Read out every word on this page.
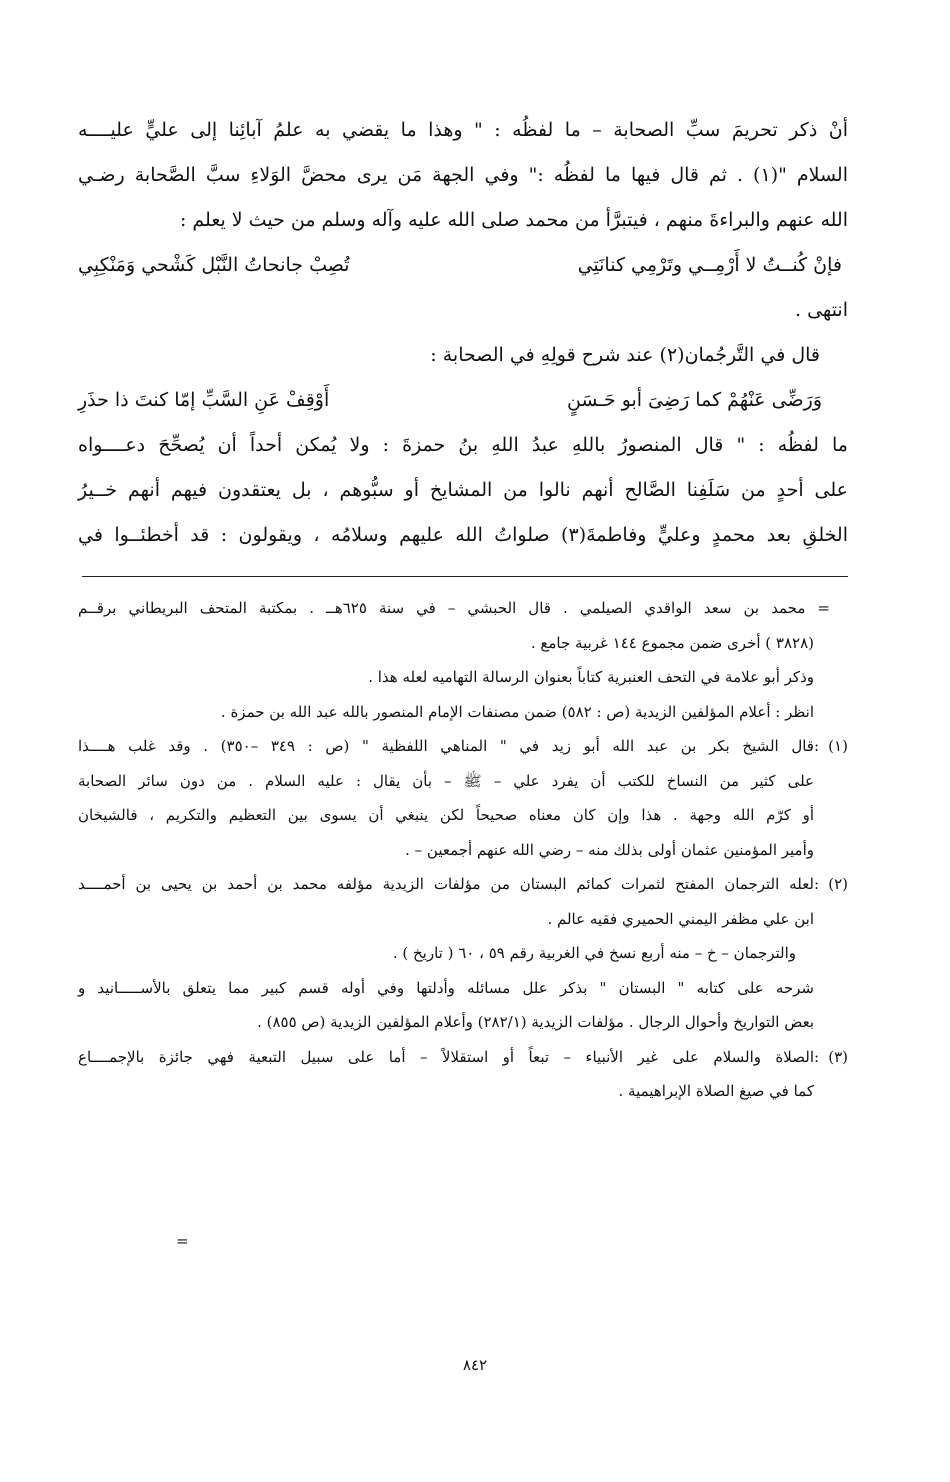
أنْ ذكر تحريمَ سبِّ الصحابة – ما لفظُه : " وهذا ما يقضي به علمُ آبائِنا إلى عليٍّ عليــــه

السلام "(١) . ثم قال فيها ما لفظُه :" وفي الجهة مَن يرى محضَّ الوَلاءِ سبَّ الصَّحابة رضـي

الله عنهم والبراءةَ منهم ، فيتبرَّأ من محمد صلى الله عليه وآله وسلم من حيث لا يعلم :

فإنْ كُنــتُ لا أَرْمِــي وتَرْمِي كنانَتِي
تُصِبْ جانحاتُ النَّبْل كَشْحي وَمَنْكِبِي

انتهى .

قال في التَّرجُمان(٢) عند شرح قولِهِ في الصحابة :

وَرَضِّى عَنْهُمْ كما رَضِىَ أبو حَـسَنٍ
أَوْقِفْ عَنِ السَّبِّ إمّا كنتَ ذا حذَرِ

ما لفظُه : " قال المنصورُ باللهِ عبدُ اللهِ بنُ حمزةَ : ولا يُمكن أحداً أن يُصحِّحَ دعــــواه

على أحدٍ من سَلَفِنا الصَّالح أنهم نالوا من المشايخ أو سبُّوهم ، بل يعتقدون فيهم أنهم خــيرُ

الخلقِ بعد محمدٍ وعليٍّ وفاطمةَ(٣) صلواتُ الله عليهم وسلامُه ، ويقولون : قد أخطئــوا في

= محمد بن سعد الواقدي الصيلمي . قال الحبشي – في سنة ٦٢٥هــ . بمكتبة المتحف البريطاني برقــم

(٣٨٢٨ ) أخرى ضمن مجموع ١٤٤ غربية جامع .

وذكر أبو علامة في التحف العنبرية كتاباً بعنوان الرسالة التهاميه لعله هذا .

انظر : أعلام المؤلفين الزيدية (ص : ٥٨٢) ضمن مصنفات الإمام المنصور بالله عبد الله بن حمزة .

(١) :قال الشيخ بكر بن عبد الله أبو زيد في " المناهي اللفظية " (ص : ٣٤٩ –٣٥٠) . وقد غلب هــــذا

على كثير من النساخ للكتب أن يفرد علي – ﷺ – بأن يقال : عليه السلام . من دون سائر الصحابة

أو كرّم الله وجهة . هذا وإن كان معناه صحيحاً لكن ينبغي أن يسوى بين التعظيم والتكريم ، فالشيخان

وأمير المؤمنين عثمان أولى بذلك منه – رضي الله عنهم أجمعين – .

(٢) :لعله الترجمان المفتح لثمرات كمائم البستان من مؤلفات الزيدية مؤلفه محمد بن أحمد بن يحيى بن أحمــــد

ابن علي مظفر اليمني الحميري فقيه عالم .

والترجمان – خ – منه أربع نسخ في الغربية رقم ٥٩ ، ٦٠ ( تاريخ ) .

شرحه على كتابه " البستان " بذكر علل مسائله وأدلتها وفي أوله قسم كبير مما يتعلق بالأســـــانيد و

بعض التواريخ وأحوال الرجال . مؤلفات الزيدية (٢٨٢/١) وأعلام المؤلفين الزيدية (ص ٨٥٥) .

(٣) :الصلاة والسلام على غير الأنبياء – تبعاً أو استقلالاً – أما على سبيل التبعية فهي جائزة بالإجمــــاع

كما في صيغ الصلاة الإبراهيمية .

=
٨٤٢
